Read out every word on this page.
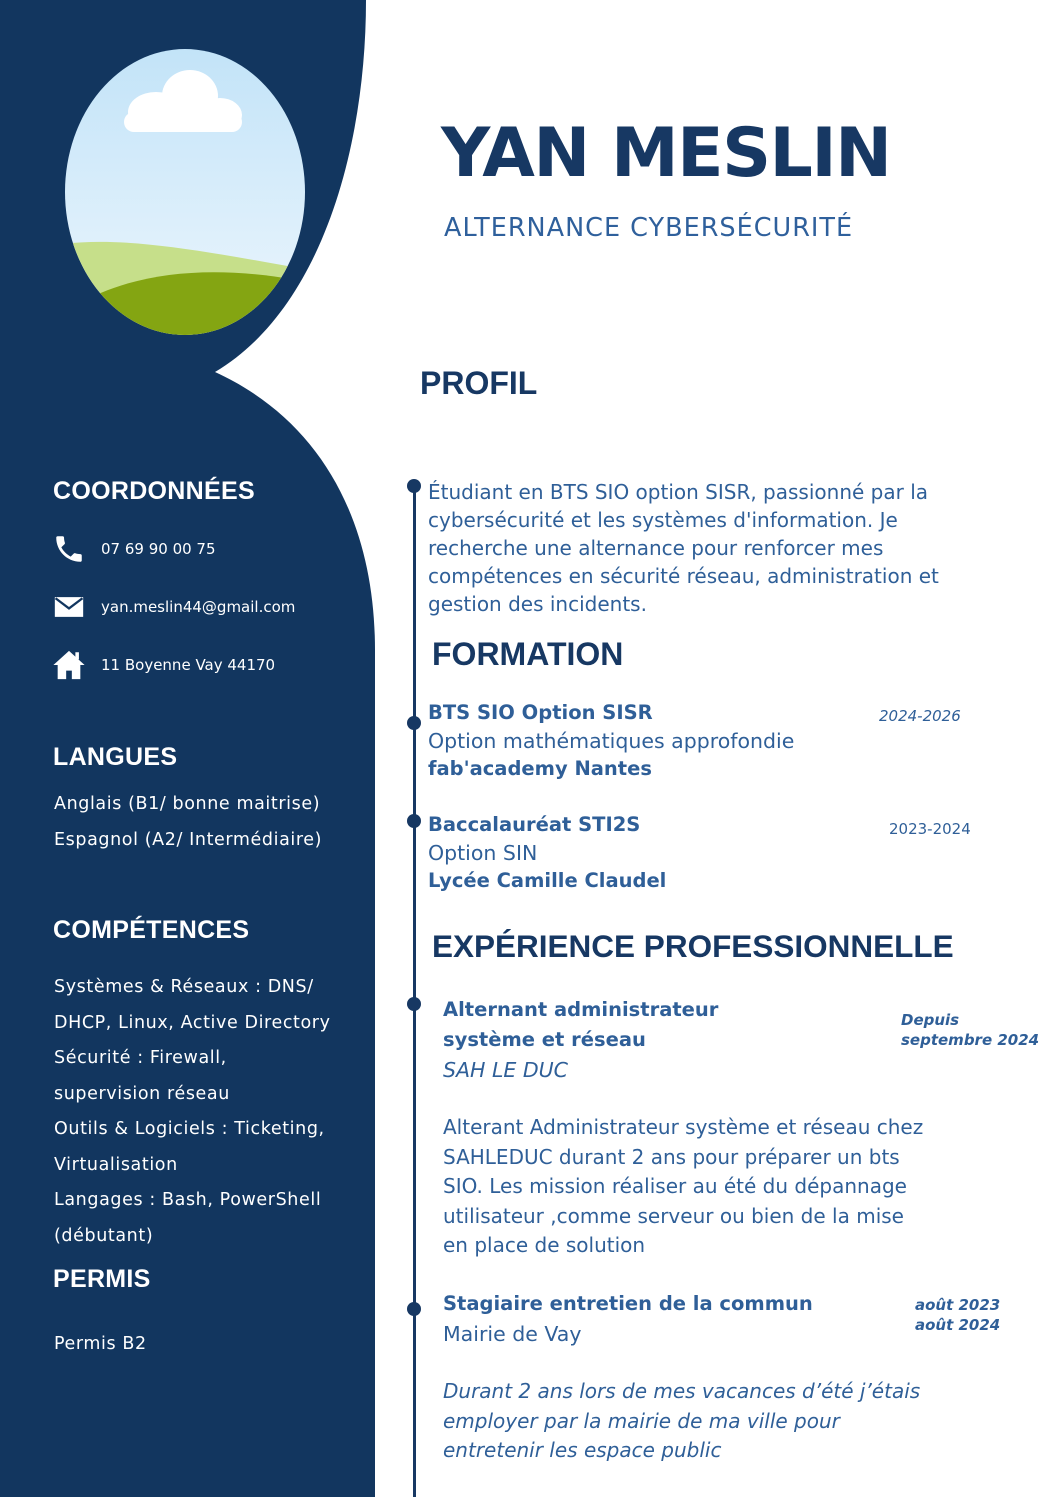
YAN MESLIN
ALTERNANCE CYBERSÉCURITÉ
COORDONNÉES
07 69 90 00 75
yan.meslin44@gmail.com
11 Boyenne Vay 44170
LANGUES
Anglais (B1/ bonne maitrise)
Espagnol (A2/ Intermédiaire)
COMPÉTENCES
Systèmes & Réseaux : DNS/
DHCP, Linux, Active Directory
Sécurité : Firewall,
supervision réseau
Outils & Logiciels : Ticketing,
Virtualisation
Langages : Bash, PowerShell
(débutant)
PERMIS
Permis B2
PROFIL
Étudiant en BTS SIO option SISR, passionné par la
cybersécurité et les systèmes d'information. Je
recherche une alternance pour renforcer mes
compétences en sécurité réseau, administration et
gestion des incidents.
FORMATION
BTS SIO Option SISR
Option mathématiques approfondie
fab'academy Nantes
2024-2026
Baccalauréat STI2S
Option SIN
Lycée Camille Claudel
2023-2024
EXPÉRIENCE PROFESSIONNELLE
Alternant administrateur
système et réseau
SAH LE DUC
Depuis
septembre 2024
Alterant Administrateur système et réseau chez
SAHLEDUC durant 2 ans pour préparer un bts
SIO. Les mission réaliser au été du dépannage
utilisateur ,comme serveur ou bien de la mise
en place de solution
Stagiaire entretien de la commun
Mairie de Vay
août 2023
août 2024
Durant 2 ans lors de mes vacances d’été j’étais
employer par la mairie de ma ville pour
entretenir les espace public
